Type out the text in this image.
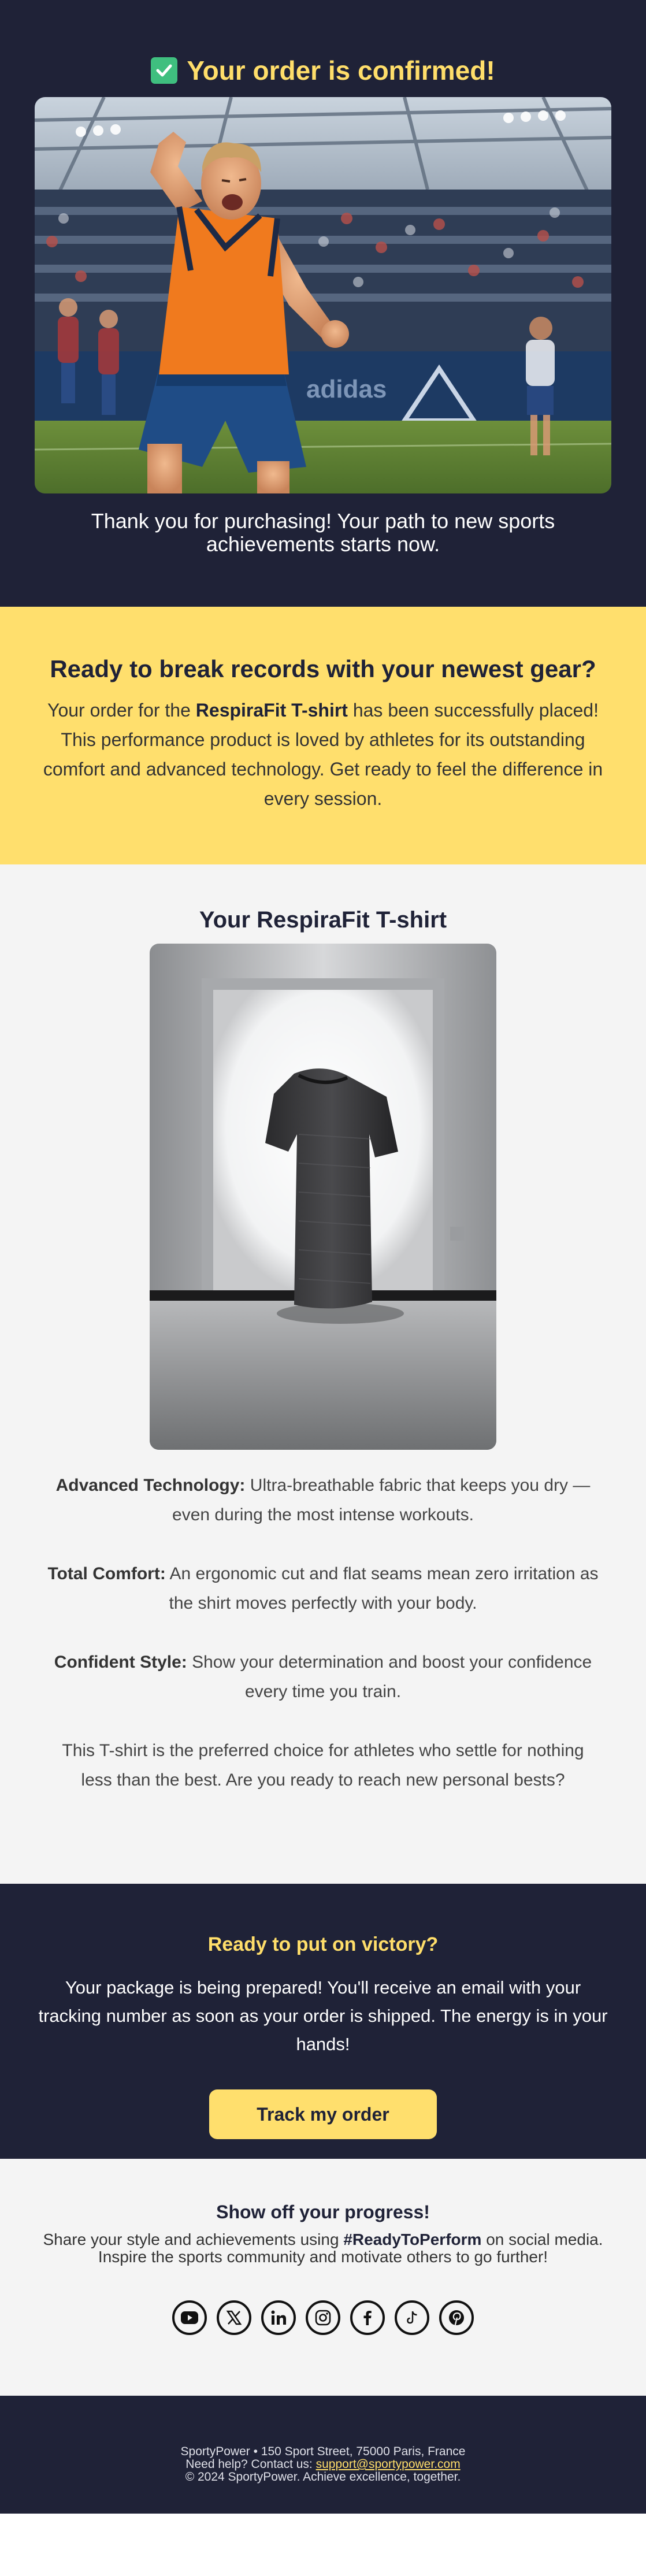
Your order is confirmed!
adidas

Thank you for purchasing! Your path to new sports achievements starts now.

Ready to break records with your newest gear?

Your order for the RespiraFit T-shirt has been successfully placed! This performance product is loved by athletes for its outstanding comfort and advanced technology. Get ready to feel the difference in every session.

Your RespiraFit T-shirt

Advanced Technology: Ultra-breathable fabric that keeps you dry —even during the most intense workouts.

Total Comfort: An ergonomic cut and flat seams mean zero irritation as the shirt moves perfectly with your body.

Confident Style: Show your determination and boost your confidence every time you train.

This T-shirt is the preferred choice for athletes who settle for nothing less than the best. Are you ready to reach new personal bests?

Ready to put on victory?

Your package is being prepared! You'll receive an email with your tracking number as soon as your order is shipped. The energy is in your hands!

Track my order
Show off your progress!

Share your style and achievements using #ReadyToPerform on social media. Inspire the sports community and motivate others to go further!

SportyPower • 150 Sport Street, 75000 Paris, France
Need help? Contact us: support@sportypower.com
© 2024 SportyPower. Achieve excellence, together.
